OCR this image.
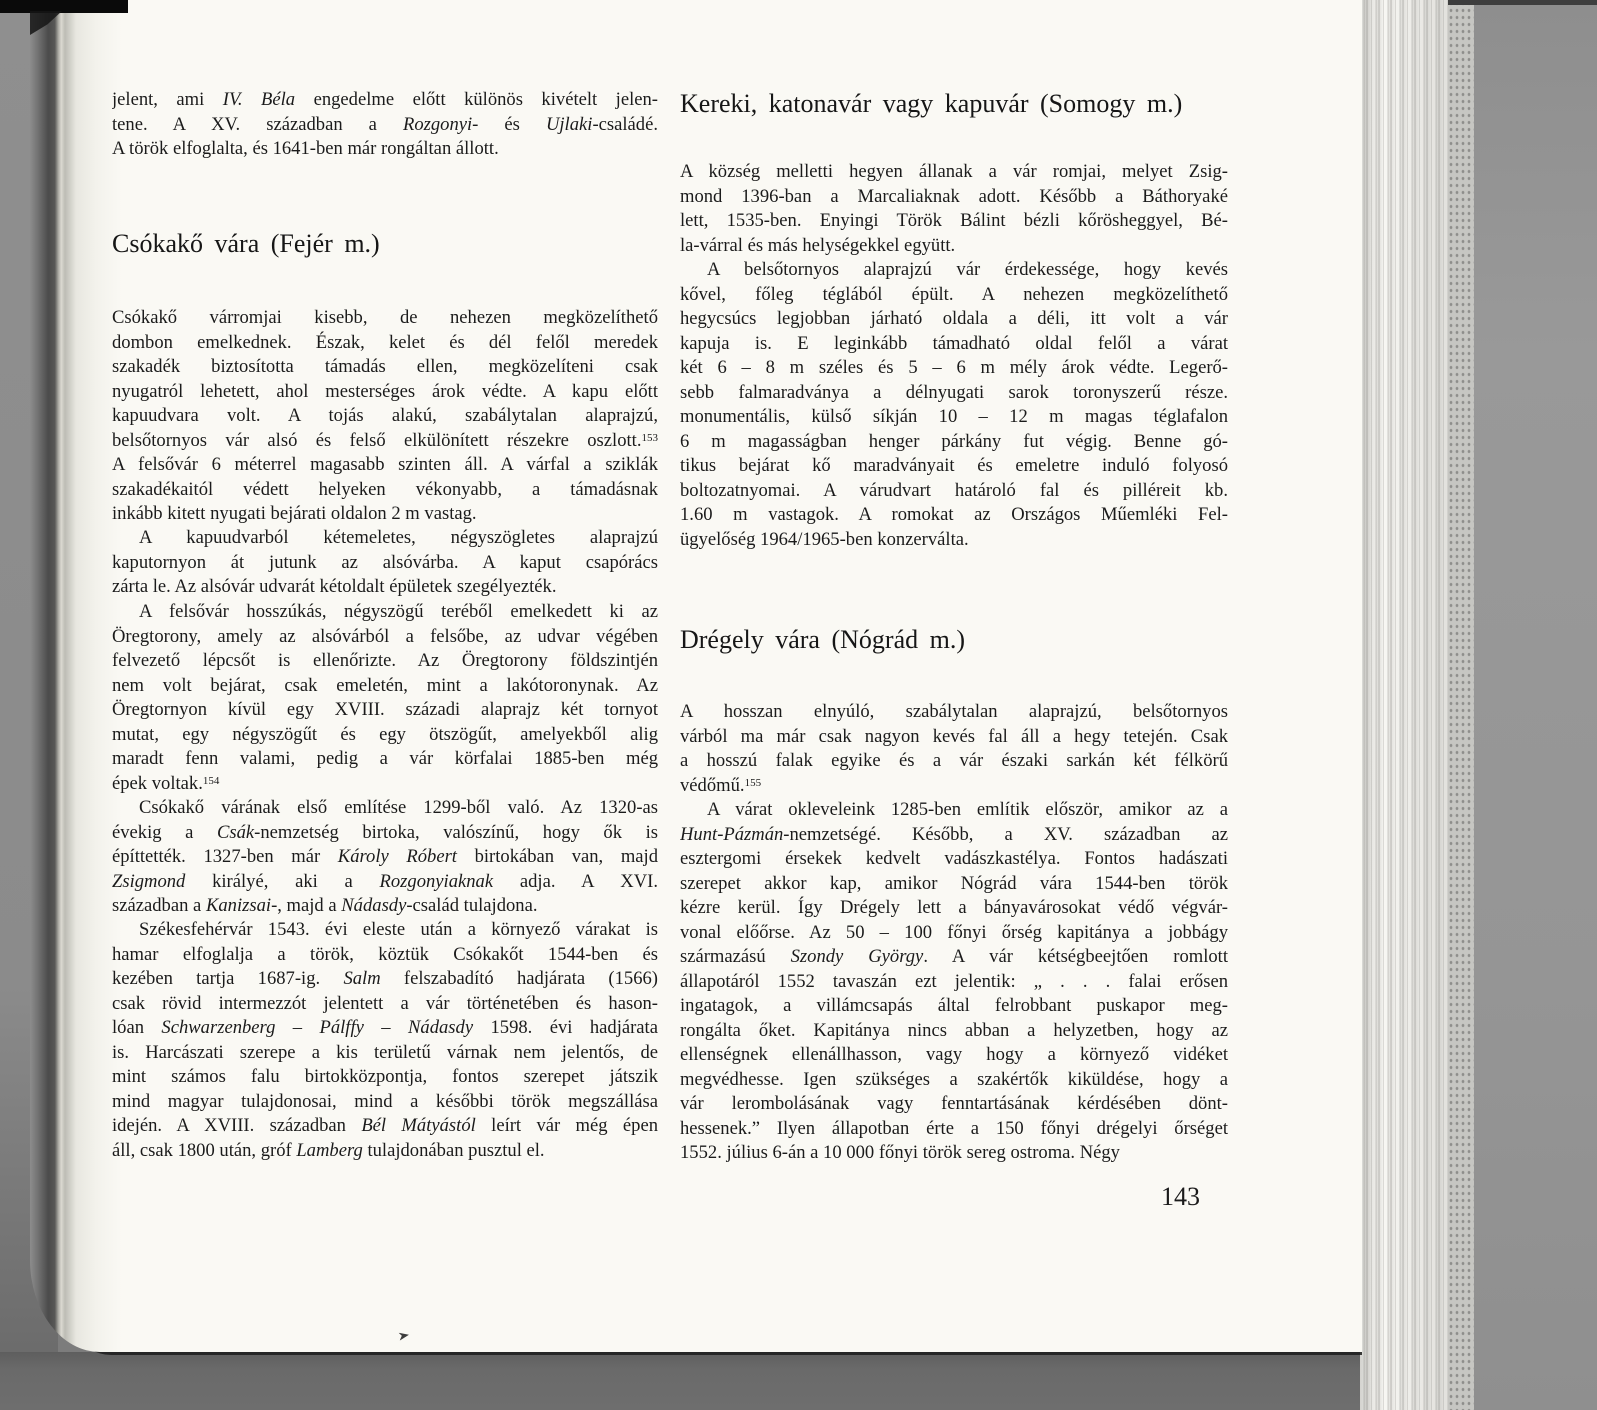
jelent, ami IV. Béla engedelme előtt különös kivételt jelen-
tene. A XV. században a Rozgonyi- és Ujlaki-családé.
A török elfoglalta, és 1641-ben már rongáltan állott.
Csókakő vára (Fejér m.)
Csókakő várromjai kisebb, de nehezen megközelíthető
dombon emelkednek. Észak, kelet és dél felől meredek
szakadék biztosította támadás ellen, megközelíteni csak
nyugatról lehetett, ahol mesterséges árok védte. A kapu előtt
kapuudvara volt. A tojás alakú, szabálytalan alaprajzú,
belsőtornyos vár alsó és felső elkülönített részekre oszlott.$^{153}$
A felsővár 6 méterrel magasabb szinten áll. A várfal a sziklák
szakadékaitól védett helyeken vékonyabb, a támadásnak
inkább kitett nyugati bejárati oldalon 2 m vastag.
A kapuudvarból kétemeletes, négyszögletes alaprajzú
kaputornyon át jutunk az alsóvárba. A kaput csapórács
zárta le. Az alsóvár udvarát kétoldalt épületek szegélyezték.
A felsővár hosszúkás, négyszögű teréből emelkedett ki az
Öregtorony, amely az alsóvárból a felsőbe, az udvar végében
felvezető lépcsőt is ellenőrizte. Az Öregtorony földszintjén
nem volt bejárat, csak emeletén, mint a lakótoronynak. Az
Öregtornyon kívül egy XVIII. századi alaprajz két tornyot
mutat, egy négyszögűt és egy ötszögűt, amelyekből alig
maradt fenn valami, pedig a vár körfalai 1885-ben még
épek voltak.$^{154}$
Csókakő várának első említése 1299-ből való. Az 1320-as
évekig a Csák-nemzetség birtoka, valószínű, hogy ők is
építtették. 1327-ben már Károly Róbert birtokában van, majd
Zsigmond királyé, aki a Rozgonyiaknak adja. A XVI.
században a Kanizsai-, majd a Nádasdy-család tulajdona.
Székesfehérvár 1543. évi eleste után a környező várakat is
hamar elfoglalja a török, köztük Csókakőt 1544-ben és
kezében tartja 1687-ig. Salm felszabadító hadjárata (1566)
csak rövid intermezzót jelentett a vár történetében és hason-
lóan Schwarzenberg – Pálffy – Nádasdy 1598. évi hadjárata
is. Harcászati szerepe a kis területű várnak nem jelentős, de
mint számos falu birtokközpontja, fontos szerepet játszik
mind magyar tulajdonosai, mind a későbbi török megszállása
idején. A XVIII. században Bél Mátyástól leírt vár még épen
áll, csak 1800 után, gróf Lamberg tulajdonában pusztul el.
Kereki, katonavár vagy kapuvár (Somogy m.)
A község melletti hegyen állanak a vár romjai, melyet Zsig-
mond 1396-ban a Marcaliaknak adott. Később a Báthoryaké
lett, 1535-ben. Enyingi Török Bálint bézli kőrösheggyel, Bé-
la-várral és más helységekkel együtt.
A belsőtornyos alaprajzú vár érdekessége, hogy kevés
kővel, főleg téglából épült. A nehezen megközelíthető
hegycsúcs legjobban járható oldala a déli, itt volt a vár
kapuja is. E leginkább támadható oldal felől a várat
két 6 – 8 m széles és 5 – 6 m mély árok védte. Legerő-
sebb falmaradványa a délnyugati sarok toronyszerű része.
monumentális, külső síkján 10 – 12 m magas téglafalon
6 m magasságban henger párkány fut végig. Benne gó-
tikus bejárat kő maradványait és emeletre induló folyosó
boltozatnyomai. A várudvart határoló fal és pilléreit kb.
1.60 m vastagok. A romokat az Országos Műemléki Fel-
ügyelőség 1964/1965-ben konzerválta.
Drégely vára (Nógrád m.)
A hosszan elnyúló, szabálytalan alaprajzú, belsőtornyos
várból ma már csak nagyon kevés fal áll a hegy tetején. Csak
a hosszú falak egyike és a vár északi sarkán két félkörű
védőmű.$^{155}$
A várat okleveleink 1285-ben említik először, amikor az a
Hunt-Pázmán-nemzetségé. Később, a XV. században az
esztergomi érsekek kedvelt vadászkastélya. Fontos hadászati
szerepet akkor kap, amikor Nógrád vára 1544-ben török
kézre kerül. Így Drégely lett a bányavárosokat védő végvár-
vonal előőrse. Az 50 – 100 főnyi őrség kapitánya a jobbágy
származású Szondy György. A vár kétségbeejtően romlott
állapotáról 1552 tavaszán ezt jelentik: „ . . . falai erősen
ingatagok, a villámcsapás által felrobbant puskapor meg-
rongálta őket. Kapitánya nincs abban a helyzetben, hogy az
ellenségnek ellenállhasson, vagy hogy a környező vidéket
megvédhesse. Igen szükséges a szakértők kiküldése, hogy a
vár lerombolásának vagy fenntartásának kérdésében dönt-
hessenek.” Ilyen állapotban érte a 150 főnyi drégelyi őrséget
1552. július 6-án a 10 000 főnyi török sereg ostroma. Négy
143
